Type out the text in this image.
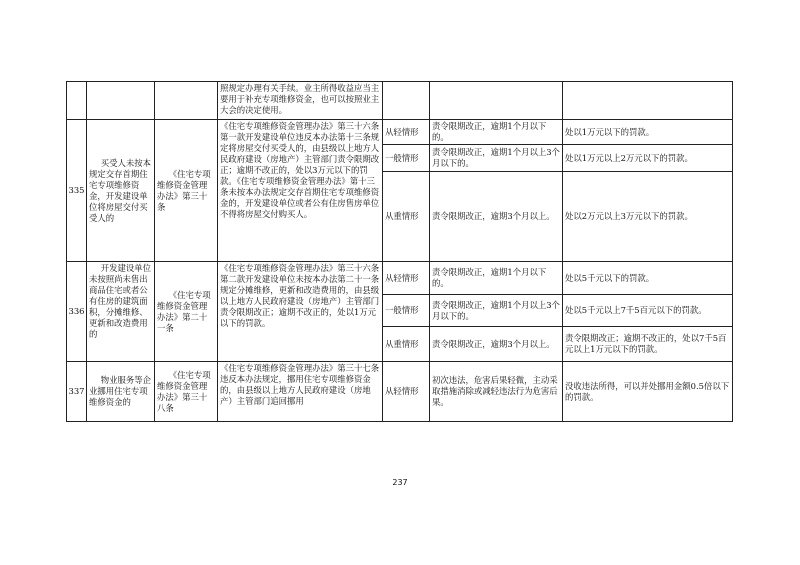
			照规定办理有关手续。业主所得收益应当主要用于补充专项维修资金，也可以按照业主大会的决定使用。			
335	买受人未按本规定交存首期住宅专项维修资金，开发建设单位将房屋交付买受人的	《住宅专项维修资金管理办法》第三十条	《住宅专项维修资金管理办法》第三十六条第一款开发建设单位违反本办法第十三条规定将房屋交付买受人的，由县级以上地方人民政府建设（房地产）主管部门责令限期改正；逾期不改正的，处以3万元以下的罚款。《住宅专项维修资金管理办法》第十三条未按本办法规定交存首期住宅专项维修资金的，开发建设单位或者公有住房售房单位不得将房屋交付购买人。	从轻情形	责令限期改正，逾期1个月以下的。	处以1万元以下的罚款。
				一般情形	责令限期改正，逾期1个月以上3个月以下的。	处以1万元以上2万元以下的罚款。
				从重情形	责令限期改正，逾期3个月以上。	处以2万元以上3万元以下的罚款。
336	开发建设单位未按照尚未售出商品住宅或者公有住房的建筑面积，分摊维修、更新和改造费用的	《住宅专项维修资金管理办法》第二十一条	《住宅专项维修资金管理办法》第三十六条第二款开发建设单位未按本办法第二十一条规定分摊维修，更新和改造费用的，由县级以上地方人民政府建设（房地产）主管部门责令限期改正；逾期不改正的，处以1万元以下的罚款。	从轻情形	责令限期改正，逾期1个月以下的。	处以5千元以下的罚款。
				一般情形	责令限期改正，逾期1个月以上3个月以下的。	处以5千元以上7千5百元以下的罚款。
				从重情形	责令限期改正，逾期3个月以上。	责令限期改正；逾期不改正的，处以7千5百元以上1万元以下的罚款。
337	物业服务等企业挪用住宅专项维修资金的	《住宅专项维修资金管理办法》第三十八条	《住宅专项维修资金管理办法》第三十七条违反本办法规定，挪用住宅专项维修资金的，由县级以上地方人民政府建设（房地产）主管部门追回挪用	从轻情形	初次违法，危害后果轻微，主动采取措施消除或减轻违法行为危害后果。	没收违法所得，可以并处挪用金额0.5倍以下的罚款。
237
